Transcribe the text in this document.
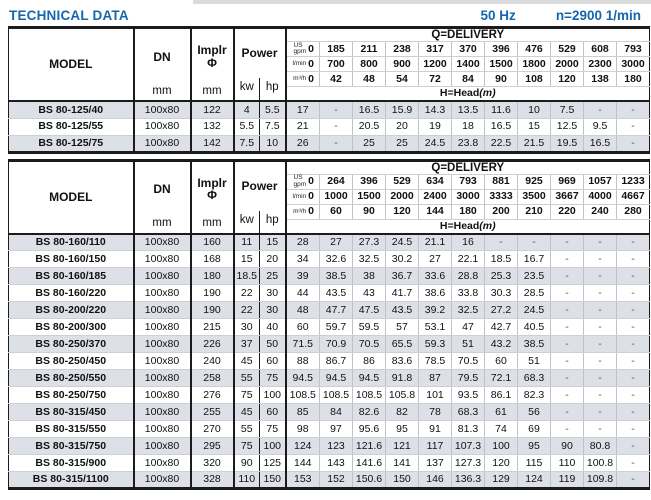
TECHNICAL DATA	50 Hz	n=2900 1/min
MODEL	DN
mm	Implr
Φ
mm	Power
kw hp		Q=DELIVERY										

					US
gpm 0	185	211	238	317	370	396	476	529	608	793

					l/min 0	700	800	900	1200	1400	1500	1800	2000	2300	3000

					m³/h 0	42	48	54	72	84	90	108	120	138	180
					H=Head(m)										
BS 80-125/40	100x80	122	4	5.5	17	-	16.5	15.9	14.3	13.5	11.6	10	7.5	-	-
BS 80-125/55	100x80	132	5.5	7.5	21	-	20.5	20	19	18	16.5	15	12.5	9.5	-
BS 80-125/75	100x80	142	7.5	10	26	-	25	25	24.5	23.8	22.5	21.5	19.5	16.5	-
MODEL	DN
mm	Implr
Φ
mm	Power
kw hp		Q=DELIVERY										

					US
gpm 0	264	396	529	634	793	881	925	969	1057	1233

					l/min 0	1000	1500	2000	2400	3000	3333	3500	3667	4000	4667

					m³/h 0	60	90	120	144	180	200	210	220	240	280
					H=Head(m)										
BS 80-160/110	100x80	160	11	15	28	27	27.3	24.5	21.1	16	-	-	-	-	-
BS 80-160/150	100x80	168	15	20	34	32.6	32.5	30.2	27	22.1	18.5	16.7	-	-	-
BS 80-160/185	100x80	180	18.5	25	39	38.5	38	36.7	33.6	28.8	25.3	23.5	-	-	-
BS 80-160/220	100x80	190	22	30	44	43.5	43	41.7	38.6	33.8	30.3	28.5	-	-	-
BS 80-200/220	100x80	190	22	30	48	47.7	47.5	43.5	39.2	32.5	27.2	24.5	-	-	-
BS 80-200/300	100x80	215	30	40	60	59.7	59.5	57	53.1	47	42.7	40.5	-	-	-
BS 80-250/370	100x80	226	37	50	71.5	70.9	70.5	65.5	59.3	51	43.2	38.5	-	-	-
BS 80-250/450	100x80	240	45	60	88	86.7	86	83.6	78.5	70.5	60	51	-	-	-
BS 80-250/550	100x80	258	55	75	94.5	94.5	94.5	91.8	87	79.5	72.1	68.3	-	-	-
BS 80-250/750	100x80	276	75	100	108.5	108.5	108.5	105.8	101	93.5	86.1	82.3	-	-	-
BS 80-315/450	100x80	255	45	60	85	84	82.6	82	78	68.3	61	56	-	-	-
BS 80-315/550	100x80	270	55	75	98	97	95.6	95	91	81.3	74	69	-	-	-
BS 80-315/750	100x80	295	75	100	124	123	121.6	121	117	107.3	100	95	90	80.8	-
BS 80-315/900	100x80	320	90	125	144	143	141.6	141	137	127.3	120	115	110	100.8	-
BS 80-315/1100	100x80	328	110	150	153	152	150.6	150	146	136.3	129	124	119	109.8	-
